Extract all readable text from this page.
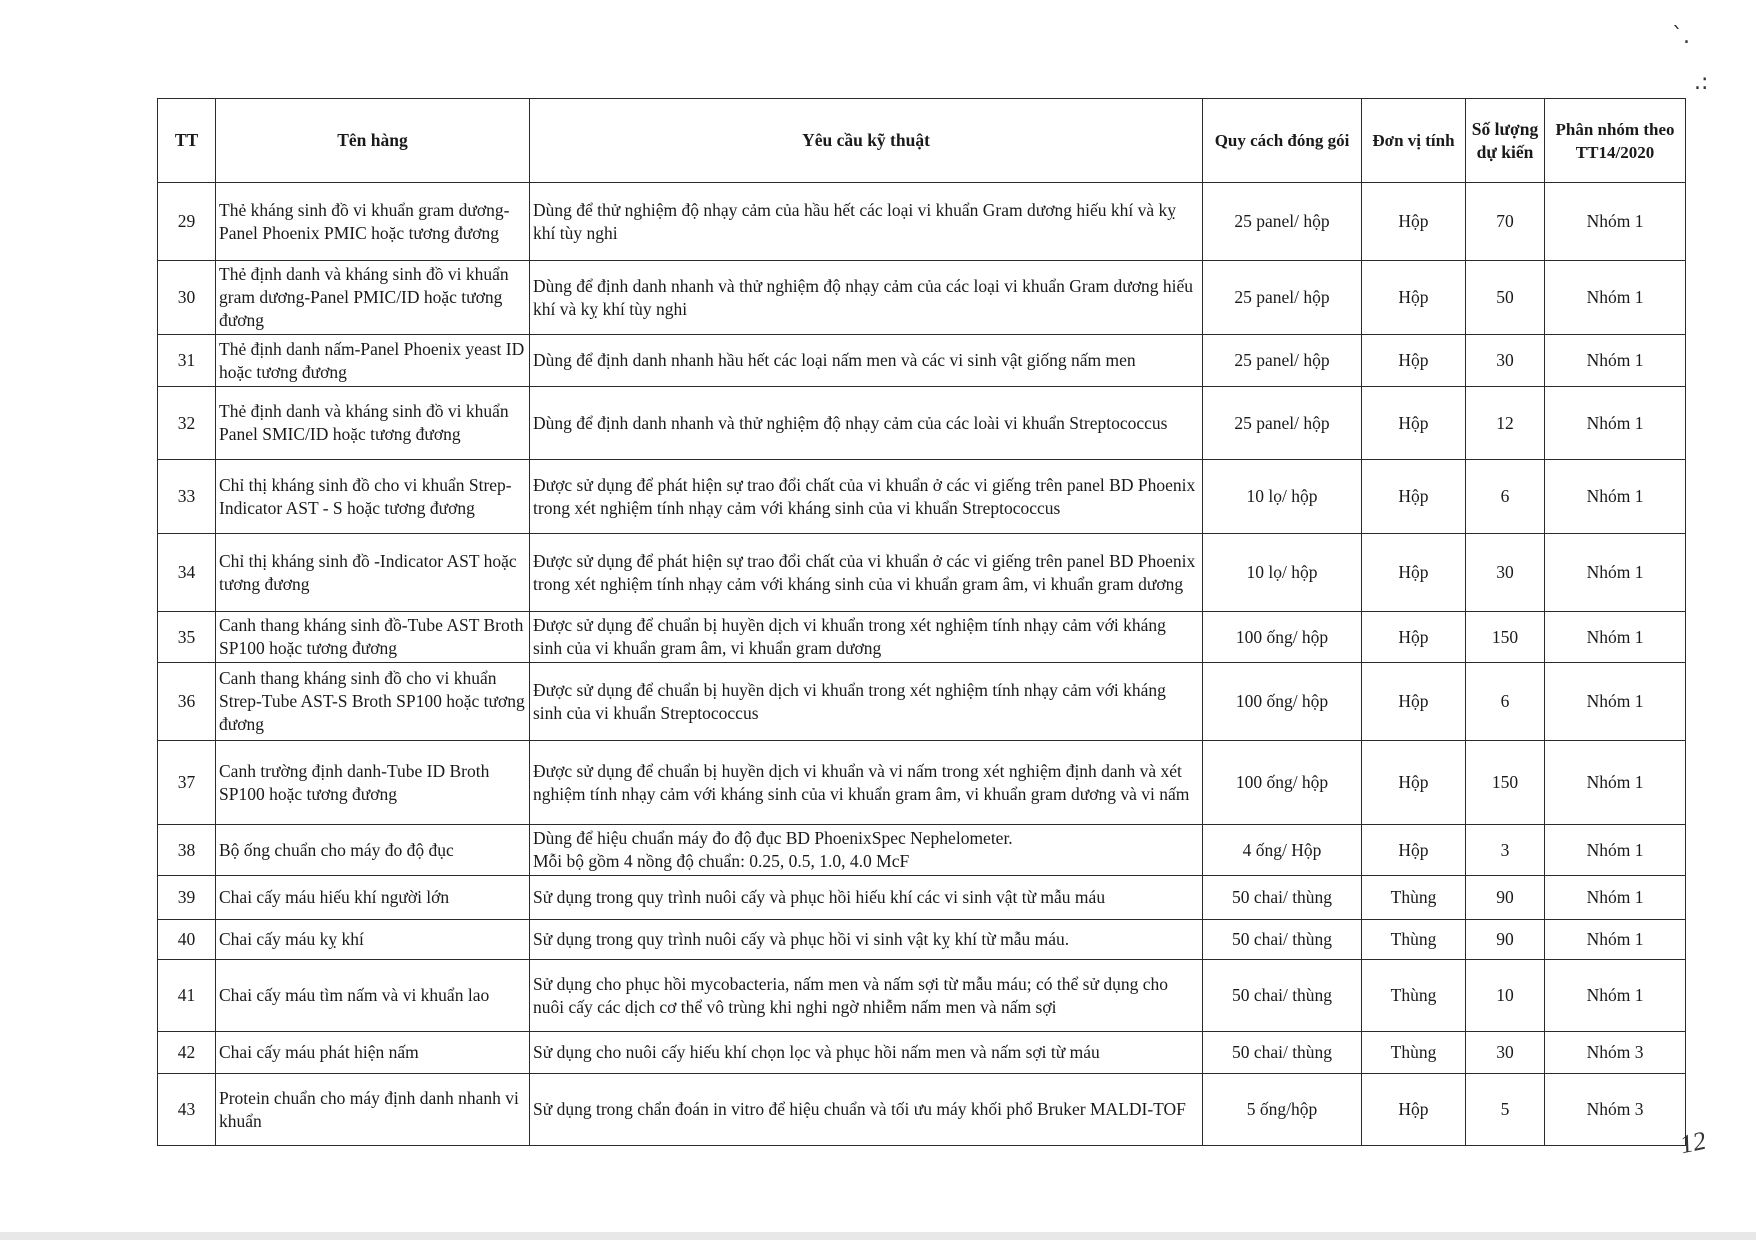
`.
.:
TT	Tên hàng	Yêu cầu kỹ thuật	Quy cách đóng gói	Đơn vị tính	Số lượng dự kiến	Phân nhóm theo TT14/2020
29	Thẻ kháng sinh đồ vi khuẩn gram dương-Panel Phoenix PMIC hoặc tương đương	Dùng để thử nghiệm độ nhạy cảm của hầu hết các loại vi khuẩn Gram dương hiếu khí và kỵ khí tùy nghi	25 panel/ hộp	Hộp	70	Nhóm 1
30	Thẻ định danh và kháng sinh đồ vi khuẩn gram dương-Panel PMIC/ID hoặc tương đương	Dùng để định danh nhanh và thử nghiệm độ nhạy cảm của các loại vi khuẩn Gram dương hiếu khí và kỵ khí tùy nghi	25 panel/ hộp	Hộp	50	Nhóm 1
31	Thẻ định danh nấm-Panel Phoenix yeast ID hoặc tương đương	Dùng để định danh nhanh hầu hết các loại nấm men và các vi sinh vật giống nấm men	25 panel/ hộp	Hộp	30	Nhóm 1
32	Thẻ định danh và kháng sinh đồ vi khuẩn Panel SMIC/ID hoặc tương đương	Dùng để định danh nhanh và thử nghiệm độ nhạy cảm của các loài vi khuẩn Streptococcus	25 panel/ hộp	Hộp	12	Nhóm 1
33	Chỉ thị kháng sinh đồ cho vi khuẩn Strep-Indicator AST - S hoặc tương đương	Được sử dụng để phát hiện sự trao đổi chất của vi khuẩn ở các vi giếng trên panel BD Phoenix trong xét nghiệm tính nhạy cảm với kháng sinh của vi khuẩn Streptococcus	10 lọ/ hộp	Hộp	6	Nhóm 1
34	Chỉ thị kháng sinh đồ -Indicator AST hoặc tương đương	Được sử dụng để phát hiện sự trao đổi chất của vi khuẩn ở các vi giếng trên panel BD Phoenix trong xét nghiệm tính nhạy cảm với kháng sinh của vi khuẩn gram âm, vi khuẩn gram dương	10 lọ/ hộp	Hộp	30	Nhóm 1
35	Canh thang kháng sinh đồ-Tube AST Broth SP100 hoặc tương đương	Được sử dụng để chuẩn bị huyền dịch vi khuẩn trong xét nghiệm tính nhạy cảm với kháng sinh của vi khuẩn gram âm, vi khuẩn gram dương	100 ống/ hộp	Hộp	150	Nhóm 1
36	Canh thang kháng sinh đồ cho vi khuẩn Strep-Tube AST-S Broth SP100 hoặc tương đương	Được sử dụng để chuẩn bị huyền dịch vi khuẩn trong xét nghiệm tính nhạy cảm với kháng sinh của vi khuẩn Streptococcus	100 ống/ hộp	Hộp	6	Nhóm 1
37	Canh trường định danh-Tube ID Broth SP100 hoặc tương đương	Được sử dụng để chuẩn bị huyền dịch vi khuẩn và vi nấm trong xét nghiệm định danh và xét nghiệm tính nhạy cảm với kháng sinh của vi khuẩn gram âm, vi khuẩn gram dương và vi nấm	100 ống/ hộp	Hộp	150	Nhóm 1
38	Bộ ống chuẩn cho máy đo độ đục	Dùng để hiệu chuẩn máy đo độ đục BD PhoenixSpec Nephelometer.
Mỗi bộ gồm 4 nồng độ chuẩn: 0.25, 0.5, 1.0, 4.0 McF	4 ống/ Hộp	Hộp	3	Nhóm 1
39	Chai cấy máu hiếu khí người lớn	Sử dụng trong quy trình nuôi cấy và phục hồi hiếu khí các vi sinh vật từ mẫu máu	50 chai/ thùng	Thùng	90	Nhóm 1
40	Chai cấy máu kỵ khí	Sử dụng trong quy trình nuôi cấy và phục hồi vi sinh vật kỵ khí từ mẫu máu.	50 chai/ thùng	Thùng	90	Nhóm 1
41	Chai cấy máu tìm nấm và vi khuẩn lao	Sử dụng cho phục hồi mycobacteria, nấm men và nấm sợi từ mẫu máu; có thể sử dụng cho nuôi cấy các dịch cơ thể vô trùng khi nghi ngờ nhiễm nấm men và nấm sợi	50 chai/ thùng	Thùng	10	Nhóm 1
42	Chai cấy máu phát hiện nấm	Sử dụng cho nuôi cấy hiếu khí chọn lọc và phục hồi nấm men và nấm sợi từ máu	50 chai/ thùng	Thùng	30	Nhóm 3
43	Protein chuẩn cho máy định danh nhanh vi khuẩn	Sử dụng trong chẩn đoán in vitro để hiệu chuẩn và tối ưu máy khối phổ Bruker MALDI-TOF	5 ống/hộp	Hộp	5	Nhóm 3
12
